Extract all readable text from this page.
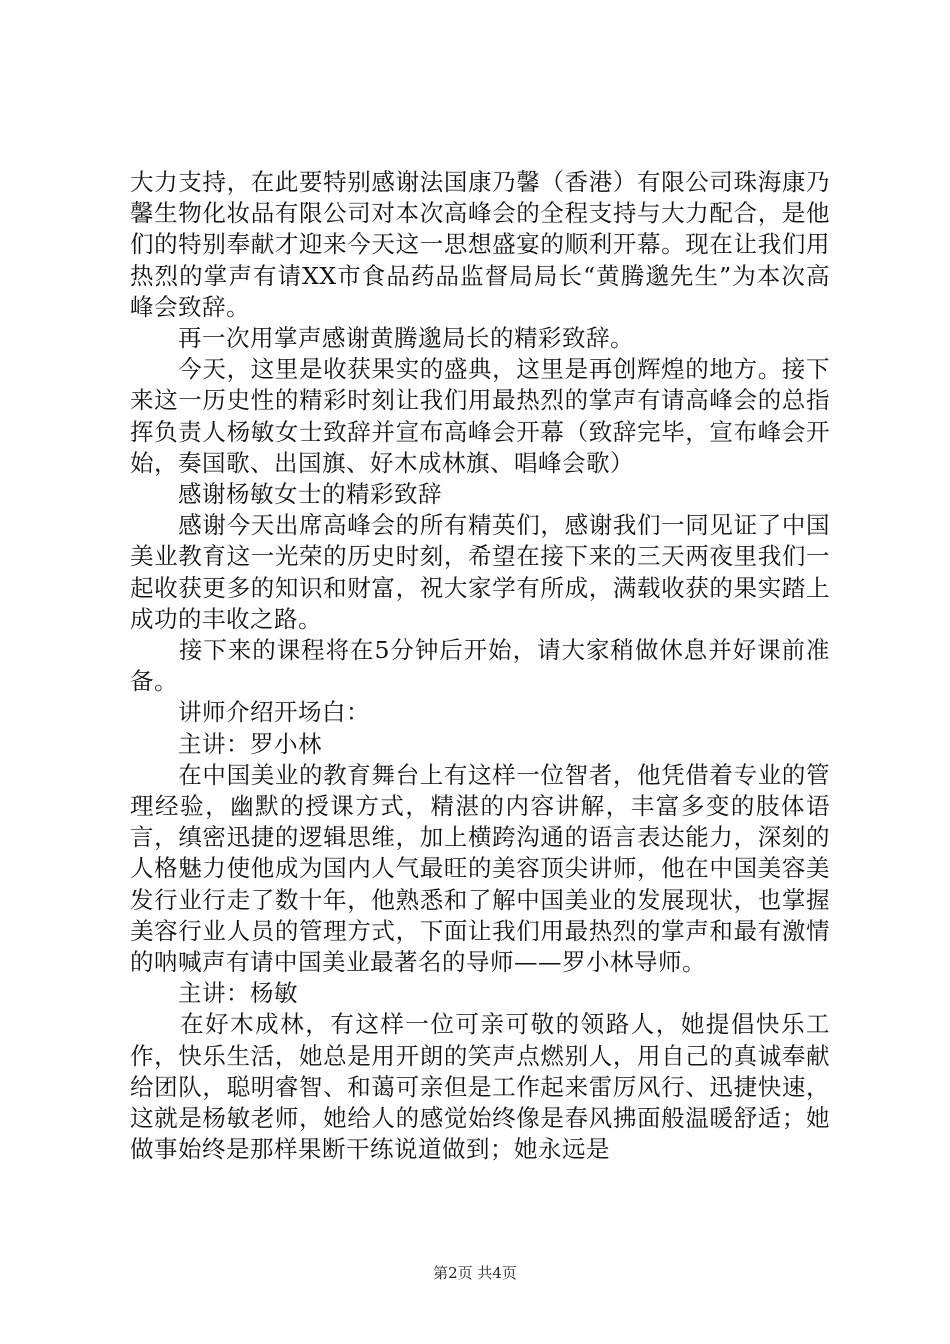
大力支持，在此要特别感谢法国康乃馨（香港）有限公司珠海康乃馨生物化妆品有限公司对本次高峰会的全程支持与大力配合，是他们的特别奉献才迎来今天这一思想盛宴的顺利开幕。现在让我们用热烈的掌声有请XX市食品药品监督局局长“黄腾邈先生”为本次高峰会致辞。

　　再一次用掌声感谢黄腾邈局长的精彩致辞。

　　今天，这里是收获果实的盛典，这里是再创辉煌的地方。接下来这一历史性的精彩时刻让我们用最热烈的掌声有请高峰会的总指挥负责人杨敏女士致辞并宣布高峰会开幕（致辞完毕，宣布峰会开始，奏国歌、出国旗、好木成林旗、唱峰会歌）

　　感谢杨敏女士的精彩致辞

　　感谢今天出席高峰会的所有精英们，感谢我们一同见证了中国美业教育这一光荣的历史时刻，希望在接下来的三天两夜里我们一起收获更多的知识和财富，祝大家学有所成，满载收获的果实踏上成功的丰收之路。

　　接下来的课程将在5分钟后开始，请大家稍做休息并好课前准备。

　　讲师介绍开场白：

　　主讲：罗小林

　　在中国美业的教育舞台上有这样一位智者，他凭借着专业的管理经验，幽默的授课方式，精湛的内容讲解，丰富多变的肢体语言，缜密迅捷的逻辑思维，加上横跨沟通的语言表达能力，深刻的人格魅力使他成为国内人气最旺的美容顶尖讲师，他在中国美容美发行业行走了数十年，他熟悉和了解中国美业的发展现状，也掌握美容行业人员的管理方式，下面让我们用最热烈的掌声和最有激情的呐喊声有请中国美业最著名的导师——罗小林导师。

　　主讲：杨敏

　　在好木成林，有这样一位可亲可敬的领路人，她提倡快乐工作，快乐生活，她总是用开朗的笑声点燃别人，用自己的真诚奉献给团队，聪明睿智、和蔼可亲但是工作起来雷厉风行、迅捷快速，这就是杨敏老师，她给人的感觉始终像是春风拂面般温暖舒适；她做事始终是那样果断干练说道做到；她永远是

第2页 共4页
